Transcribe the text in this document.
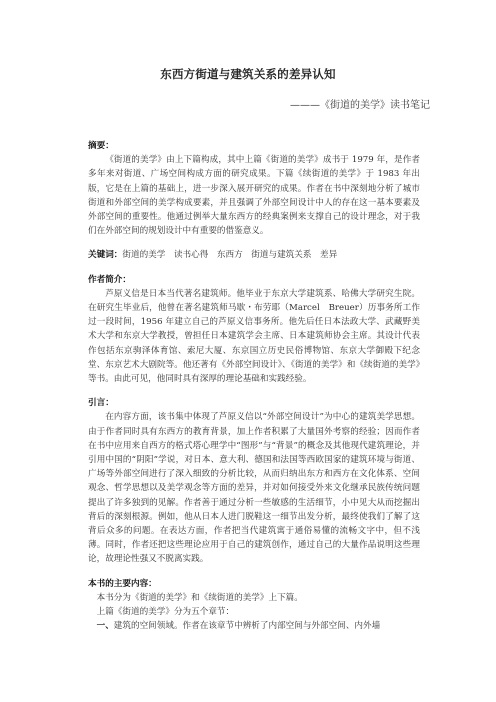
东西方街道与建筑关系的差异认知
———《街道的美学》读书笔记
摘要：

《街道的美学》由上下篇构成，其中上篇《街道的美学》成书于 1979 年，是作者多年来对街道、广场空间构成方面的研究成果。下篇《续街道的美学》于 1983 年出版，它是在上篇的基础上，进一步深入展开研究的成果。作者在书中深刻地分析了城市街道和外部空间的美学构成要素，并且强调了外部空间设计中人的存在这一基本要素及外部空间的重要性。他通过例举大量东西方的经典案例来支撑自己的设计理念，对于我们在外部空间的规划设计中有重要的借鉴意义。

关键词：街道的美学　读书心得　东西方　街道与建筑关系　差异

作者简介：

芦原义信是日本当代著名建筑师。他毕业于东京大学建筑系、哈佛大学研究生院。在研究生毕业后，他曾在著名建筑师马歇・布劳耶（Marcel　Breuer）历事务所工作过一段时间，1956 年建立自己的芦原义信事务所。他先后任日本法政大学、武藏野美术大学和东京大学教授，曾担任日本建筑学会主席、日本建筑师协会主席。其设计代表作包括东京驹泽体育馆、索尼大厦、东京国立历史民俗博物馆、东京大学御殿下纪念堂、东京艺术大剧院等。他还著有《外部空间设计》、《街道的美学》和《续街道的美学》等书。由此可见，他同时具有深厚的理论基础和实践经验。

引言：

在内容方面，该书集中体现了芦原义信以“外部空间设计”为中心的建筑美学思想。由于作者同时具有东西方的教育背景，加上作者积累了大量国外考察的经验；因而作者在书中应用来自西方的格式塔心理学中“图形”与“背景”的概念及其他现代建筑理论，并引用中国的“阴阳”学说，对日本、意大利、德国和法国等西欧国家的建筑环境与街道、广场等外部空间进行了深入细致的分析比较，从而归纳出东方和西方在文化体系、空间观念、哲学思想以及美学观念等方面的差异，并对如何接受外来文化继承民族传统问题提出了许多独到的见解。作者善于通过分析一些敏感的生活细节，小中见大从而挖掘出背后的深刻根源。例如，他从日本人进门脱鞋这一细节出发分析，最终使我们了解了这背后众多的问题。在表达方面，作者把当代建筑寓于通俗易懂的流畅文字中，但不浅薄。同时，作者还把这些理论应用于自己的建筑创作，通过自己的大量作品说明这些理论，故理论性强又不脱离实践。

本书的主要内容：

本书分为《街道的美学》和《续街道的美学》上下篇。

上篇《街道的美学》分为五个章节：

一、建筑的空间领域。作者在该章节中辨析了内部空间与外部空间、内外墙
